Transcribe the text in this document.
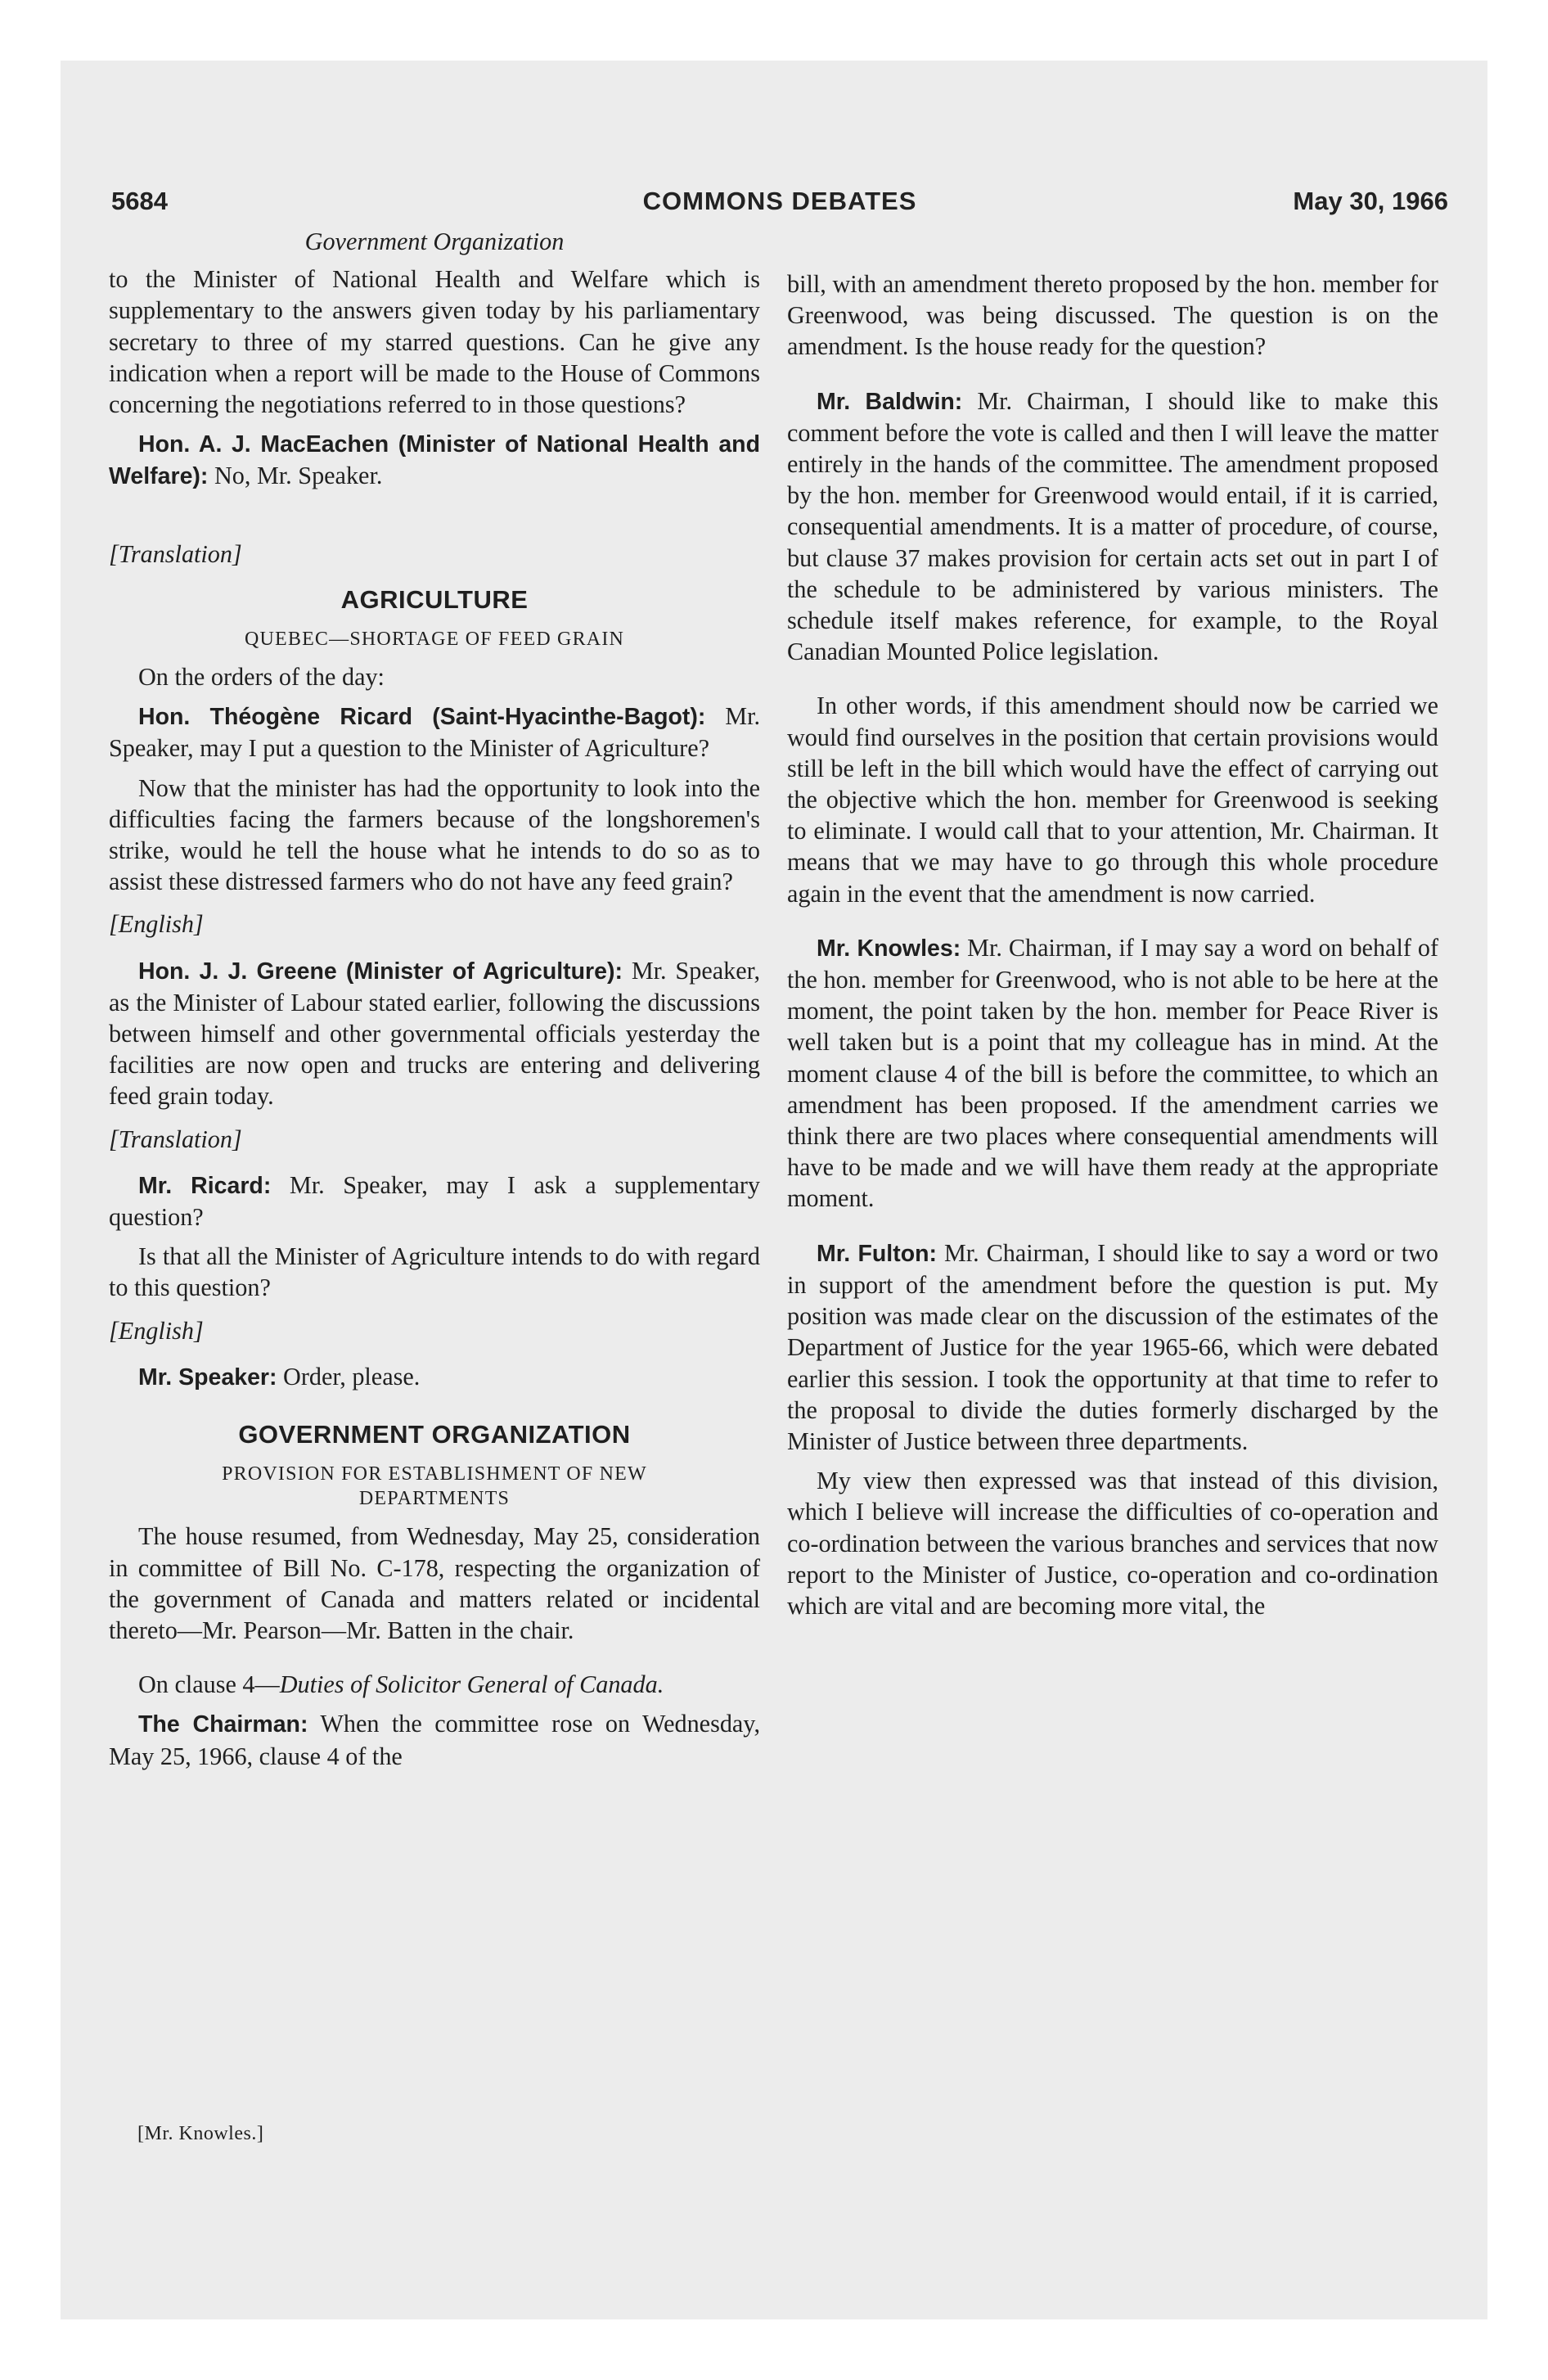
5684	COMMONS DEBATES	May 30, 1966
Government Organization

to the Minister of National Health and Welfare which is supplementary to the answers given today by his parliamentary secretary to three of my starred questions. Can he give any indication when a report will be made to the House of Commons concerning the negotiations referred to in those questions?

Hon. A. J. MacEachen (Minister of National Health and Welfare): No, Mr. Speaker.

[Translation]
AGRICULTURE
QUEBEC—SHORTAGE OF FEED GRAIN

On the orders of the day:

Hon. Théogène Ricard (Saint-Hyacinthe-Bagot): Mr. Speaker, may I put a question to the Minister of Agriculture?

Now that the minister has had the opportunity to look into the difficulties facing the farmers because of the longshoremen's strike, would he tell the house what he intends to do so as to assist these distressed farmers who do not have any feed grain?

[English]

Hon. J. J. Greene (Minister of Agriculture): Mr. Speaker, as the Minister of Labour stated earlier, following the discussions between himself and other governmental officials yesterday the facilities are now open and trucks are entering and delivering feed grain today.

[Translation]

Mr. Ricard: Mr. Speaker, may I ask a supplementary question?

Is that all the Minister of Agriculture intends to do with regard to this question?

[English]

Mr. Speaker: Order, please.

GOVERNMENT ORGANIZATION
PROVISION FOR ESTABLISHMENT OF NEW DEPARTMENTS

The house resumed, from Wednesday, May 25, consideration in committee of Bill No. C-178, respecting the organization of the government of Canada and matters related or incidental thereto—Mr. Pearson—Mr. Batten in the chair.

On clause 4—Duties of Solicitor General of Canada.

The Chairman: When the committee rose on Wednesday, May 25, 1966, clause 4 of the

bill, with an amendment thereto proposed by the hon. member for Greenwood, was being discussed. The question is on the amendment. Is the house ready for the question?

Mr. Baldwin: Mr. Chairman, I should like to make this comment before the vote is called and then I will leave the matter entirely in the hands of the committee. The amendment proposed by the hon. member for Greenwood would entail, if it is carried, consequential amendments. It is a matter of procedure, of course, but clause 37 makes provision for certain acts set out in part I of the schedule to be administered by various ministers. The schedule itself makes reference, for example, to the Royal Canadian Mounted Police legislation.

In other words, if this amendment should now be carried we would find ourselves in the position that certain provisions would still be left in the bill which would have the effect of carrying out the objective which the hon. member for Greenwood is seeking to eliminate. I would call that to your attention, Mr. Chairman. It means that we may have to go through this whole procedure again in the event that the amendment is now carried.

Mr. Knowles: Mr. Chairman, if I may say a word on behalf of the hon. member for Greenwood, who is not able to be here at the moment, the point taken by the hon. member for Peace River is well taken but is a point that my colleague has in mind. At the moment clause 4 of the bill is before the committee, to which an amendment has been proposed. If the amendment carries we think there are two places where consequential amendments will have to be made and we will have them ready at the appropriate moment.

Mr. Fulton: Mr. Chairman, I should like to say a word or two in support of the amendment before the question is put. My position was made clear on the discussion of the estimates of the Department of Justice for the year 1965-66, which were debated earlier this session. I took the opportunity at that time to refer to the proposal to divide the duties formerly discharged by the Minister of Justice between three departments.

My view then expressed was that instead of this division, which I believe will increase the difficulties of co-operation and co-ordination between the various branches and services that now report to the Minister of Justice, co-operation and co-ordination which are vital and are becoming more vital, the

[Mr. Knowles.]
